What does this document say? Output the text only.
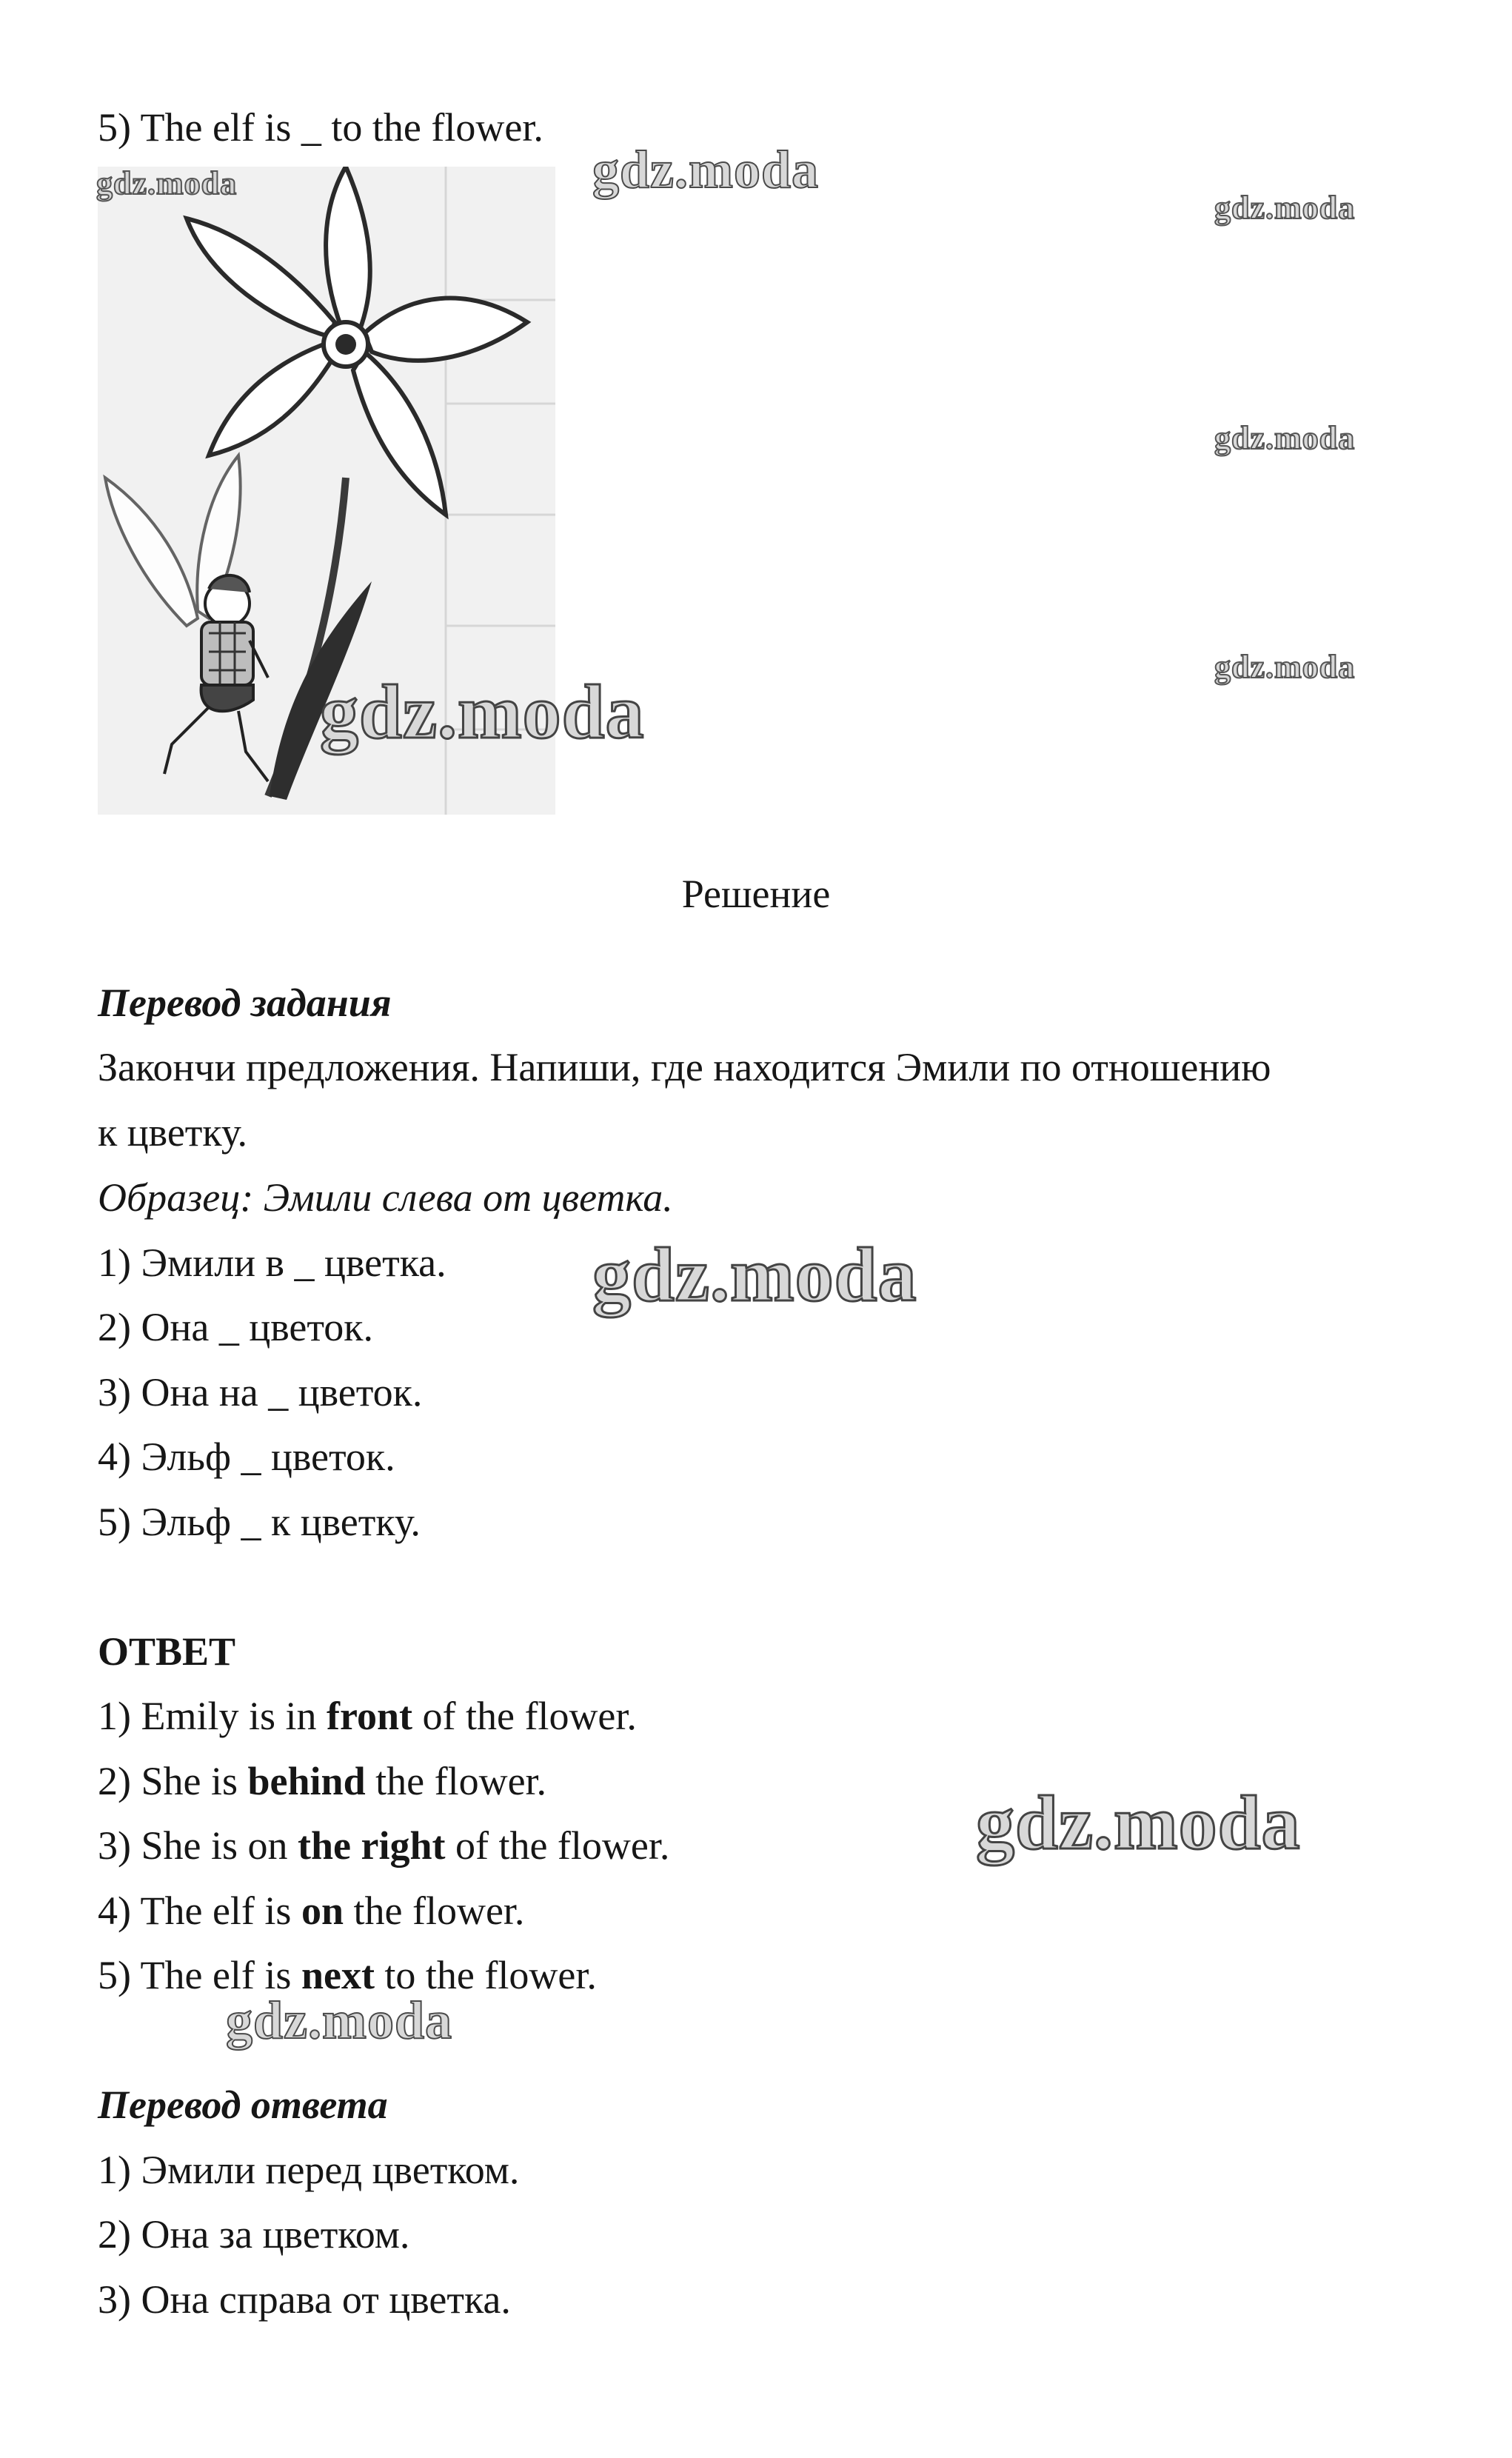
5) The elf is _ to the flower.
gdz.moda	gdz.moda
gdz.moda
gdz.moda
gdz.moda
gdz.moda
Решение
Перевод задания
Закончи предложения. Напиши, где находится Эмили по отношению
к цветку.
Образец: Эмили слева от цветка.
1) Эмили в _ цветка.
2) Она _ цветок.
3) Она на _ цветок.
4) Эльф _ цветок.
5) Эльф _ к цветку.
gdz.moda
ОТВЕТ
1) Emily is in front of the flower.
2) She is behind the flower.
3) She is on the right of the flower.
4) The elf is on the flower.
5) The elf is next to the flower.
gdz.moda
gdz.moda
Перевод ответа
1) Эмили перед цветком.
2) Она за цветком.
3) Она справа от цветка.
